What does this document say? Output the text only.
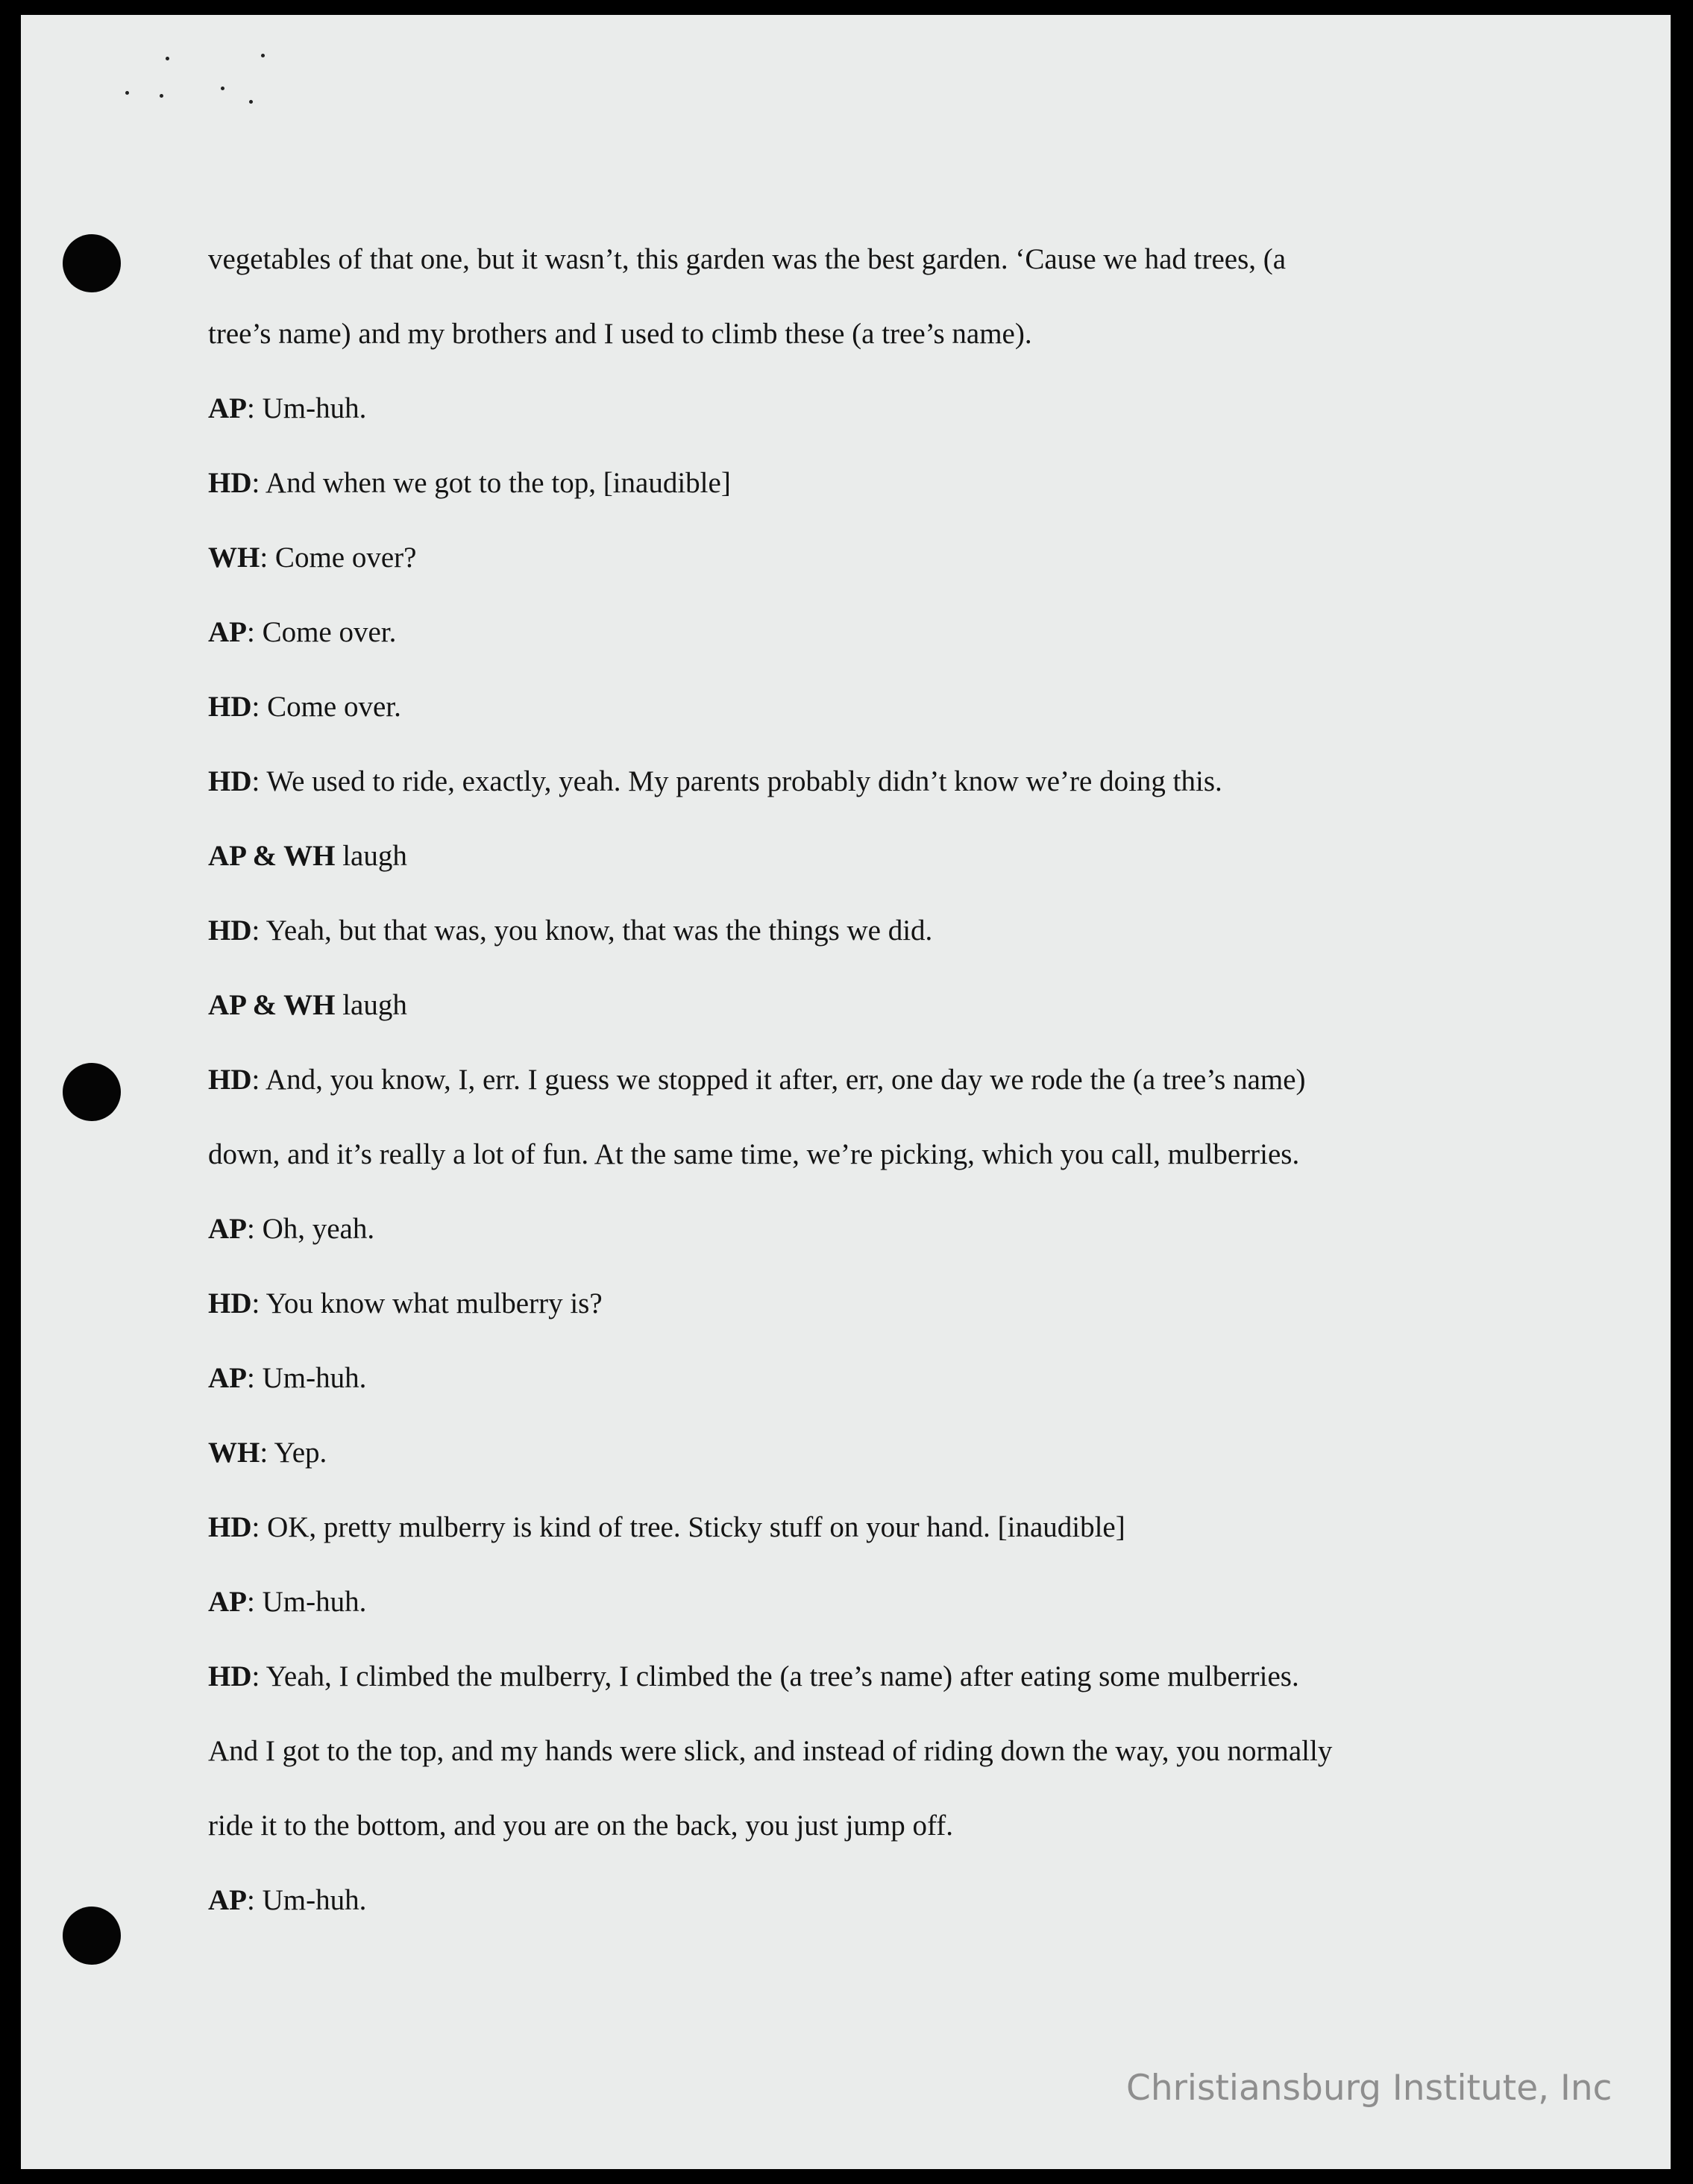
vegetables of that one, but it wasn’t, this garden was the best garden. ‘Cause we had trees, (a
tree’s name) and my brothers and I used to climb these (a tree’s name).
AP: Um-huh.
HD: And when we got to the top, [inaudible]
WH: Come over?
AP: Come over.
HD: Come over.
HD: We used to ride, exactly, yeah. My parents probably didn’t know we’re doing this.
AP & WH laugh
HD: Yeah, but that was, you know, that was the things we did.
AP & WH laugh
HD: And, you know, I, err. I guess we stopped it after, err, one day we rode the (a tree’s name)
down, and it’s really a lot of fun. At the same time, we’re picking, which you call, mulberries.
AP: Oh, yeah.
HD: You know what mulberry is?
AP: Um-huh.
WH: Yep.
HD: OK, pretty mulberry is kind of tree. Sticky stuff on your hand. [inaudible]
AP: Um-huh.
HD: Yeah, I climbed the mulberry, I climbed the (a tree’s name) after eating some mulberries.
And I got to the top, and my hands were slick, and instead of riding down the way, you normally
ride it to the bottom, and you are on the back, you just jump off.
AP: Um-huh.
Christiansburg Institute, Inc
